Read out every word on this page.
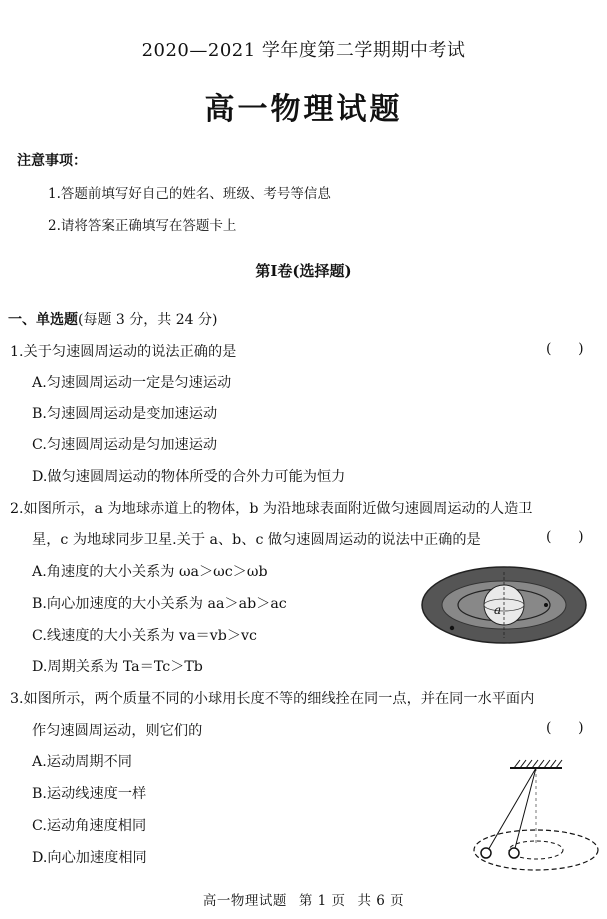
2020—2021 学年度第二学期期中考试
高一物理试题
注意事项：
1.答题前填写好自己的姓名、班级、考号等信息
2.请将答案正确填写在答题卡上
第Ⅰ卷(选择题)
一、单选题(每题 3 分，共 24 分)
1.关于匀速圆周运动的说法正确的是	(      )
A.匀速圆周运动一定是匀速运动
B.匀速圆周运动是变加速运动
C.匀速圆周运动是匀加速运动
D.做匀速圆周运动的物体所受的合外力可能为恒力
2.如图所示，a 为地球赤道上的物体，b 为沿地球表面附近做匀速圆周运动的人造卫
星，c 为地球同步卫星.关于 a、b、c 做匀速圆周运动的说法中正确的是	(      )
A.角速度的大小关系为 ωa＞ωc＞ωb
B.向心加速度的大小关系为 aa＞ab＞ac
C.线速度的大小关系为 va＝vb＞vc
D.周期关系为 Ta＝Tc＞Tb
a
3.如图所示，两个质量不同的小球用长度不等的细线拴在同一点，并在同一水平面内
作匀速圆周运动，则它们的	(      )
A.运动周期不同
B.运动线速度一样
C.运动角速度相同
D.向心加速度相同
高一物理试题 第 1 页 共 6 页
